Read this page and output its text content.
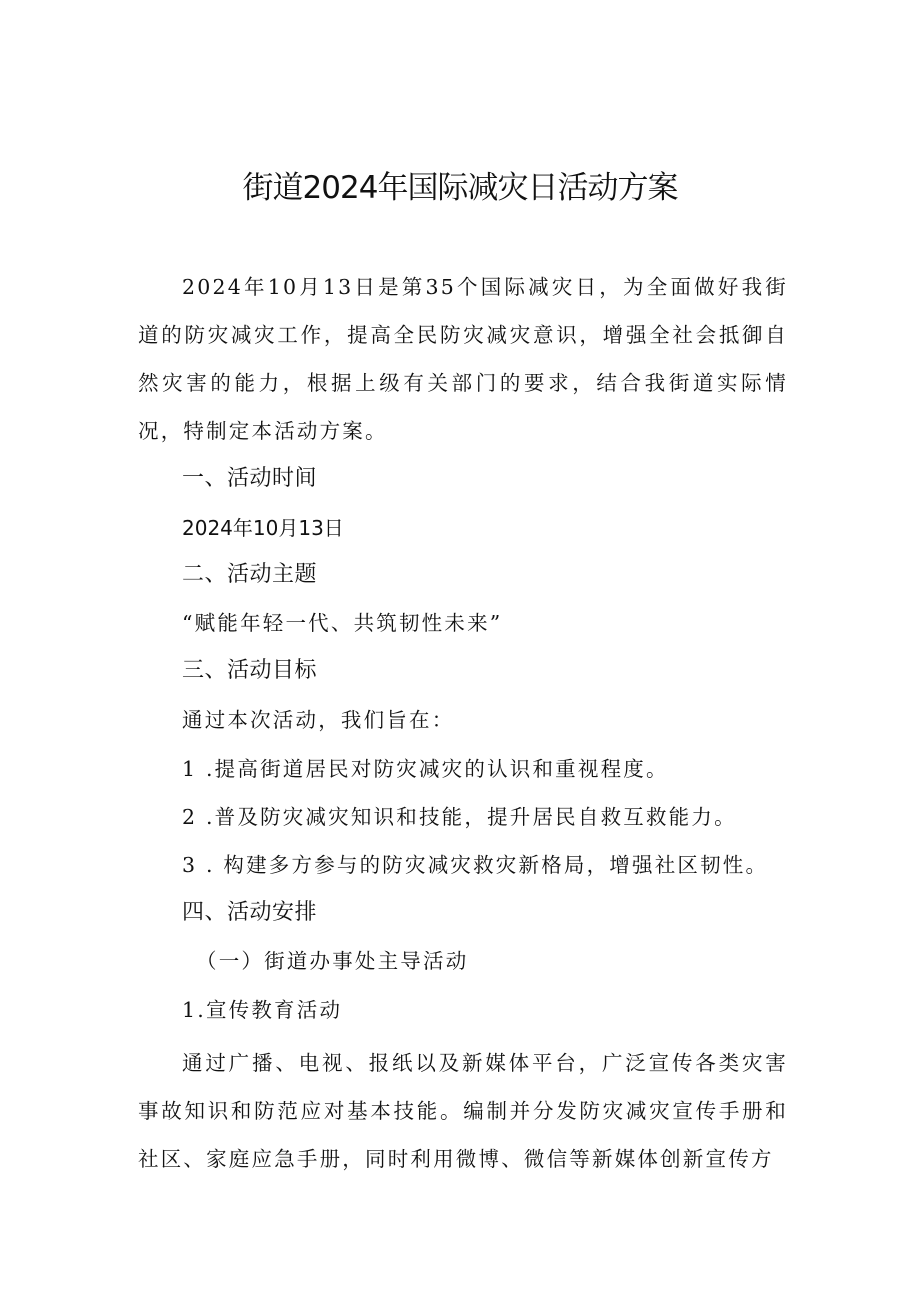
街道2024年国际减灾日活动方案
2024年10月13日是第35个国际减灾日，为全面做好我街道的防灾减灾工作，提高全民防灾减灾意识，增强全社会抵御自然灾害的能力，根据上级有关部门的要求，结合我街道实际情况，特制定本活动方案。
一、活动时间
2024年10月13日
二、活动主题
“赋能年轻一代、共筑韧性未来”
三、活动目标
通过本次活动，我们旨在：
1 .提高街道居民对防灾减灾的认识和重视程度。
2 .普及防灾减灾知识和技能，提升居民自救互救能力。
3 . 构建多方参与的防灾减灾救灾新格局，增强社区韧性。
四、活动安排
（一）街道办事处主导活动
1.宣传教育活动
通过广播、电视、报纸以及新媒体平台，广泛宣传各类灾害事故知识和防范应对基本技能。编制并分发防灾减灾宣传手册和社区、家庭应急手册，同时利用微博、微信等新媒体创新宣传方
